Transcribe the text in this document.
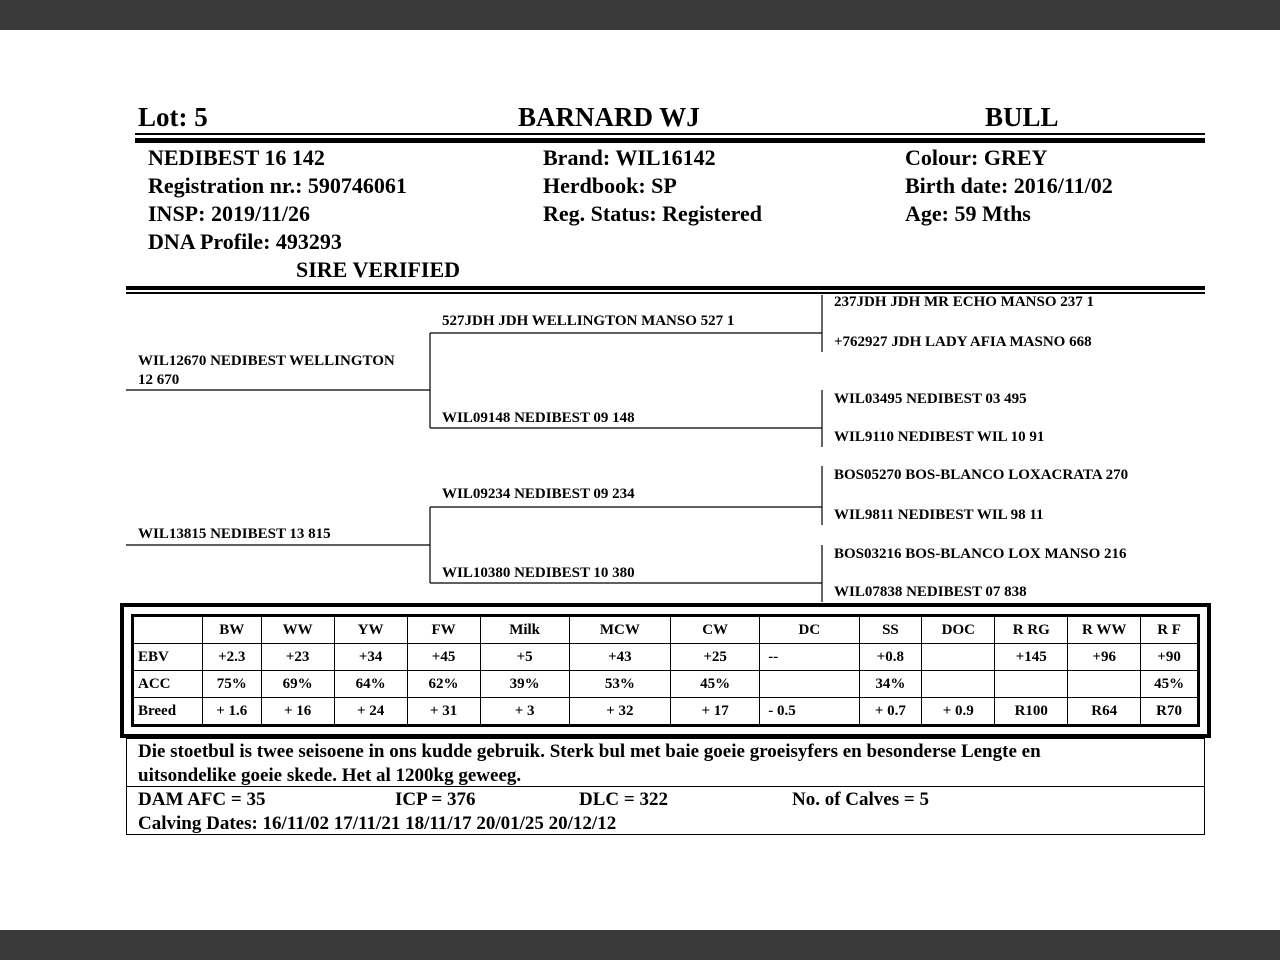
Lot: 5	BARNARD WJ	BULL
NEDIBEST 16 142
Registration nr.: 590746061
INSP: 2019/11/26
DNA Profile: 493293
SIRE VERIFIED
Brand: WIL16142
Herdbook: SP
Reg. Status: Registered
Colour: GREY
Birth date: 2016/11/02
Age: 59 Mths
WIL12670 NEDIBEST WELLINGTON
12 670
WIL13815 NEDIBEST 13 815
527JDH JDH WELLINGTON MANSO 527 1
WIL09148 NEDIBEST 09 148
WIL09234 NEDIBEST 09 234
WIL10380 NEDIBEST 10 380
237JDH JDH MR ECHO MANSO 237 1
+762927 JDH LADY AFIA MASNO 668
WIL03495 NEDIBEST 03 495
WIL9110 NEDIBEST WIL 10 91
BOS05270 BOS-BLANCO LOXACRATA 270
WIL9811 NEDIBEST WIL 98 11
BOS03216 BOS-BLANCO LOX MANSO 216
WIL07838 NEDIBEST 07 838
	BW	WW	YW	FW	Milk	MCW	CW	DC	SS	DOC	R RG	R WW	R F
EBV	+2.3	+23	+34	+45	+5	+43	+25	--	+0.8		+145	+96	+90
ACC	75%	69%	64%	62%	39%	53%	45%		34%				45%
Breed	+ 1.6	+ 16	+ 24	+ 31	+ 3	+ 32	+ 17	- 0.5	+ 0.7	+ 0.9	R100	R64	R70
Die stoetbul is twee seisoene in ons kudde gebruik. Sterk bul met baie goeie groeisyfers en besonderse Lengte en
uitsondelike goeie skede. Het al 1200kg geweeg.
DAM AFC = 35	ICP = 376	DLC = 322	No. of Calves = 5
Calving Dates: 16/11/02 17/11/21 18/11/17 20/01/25 20/12/12
